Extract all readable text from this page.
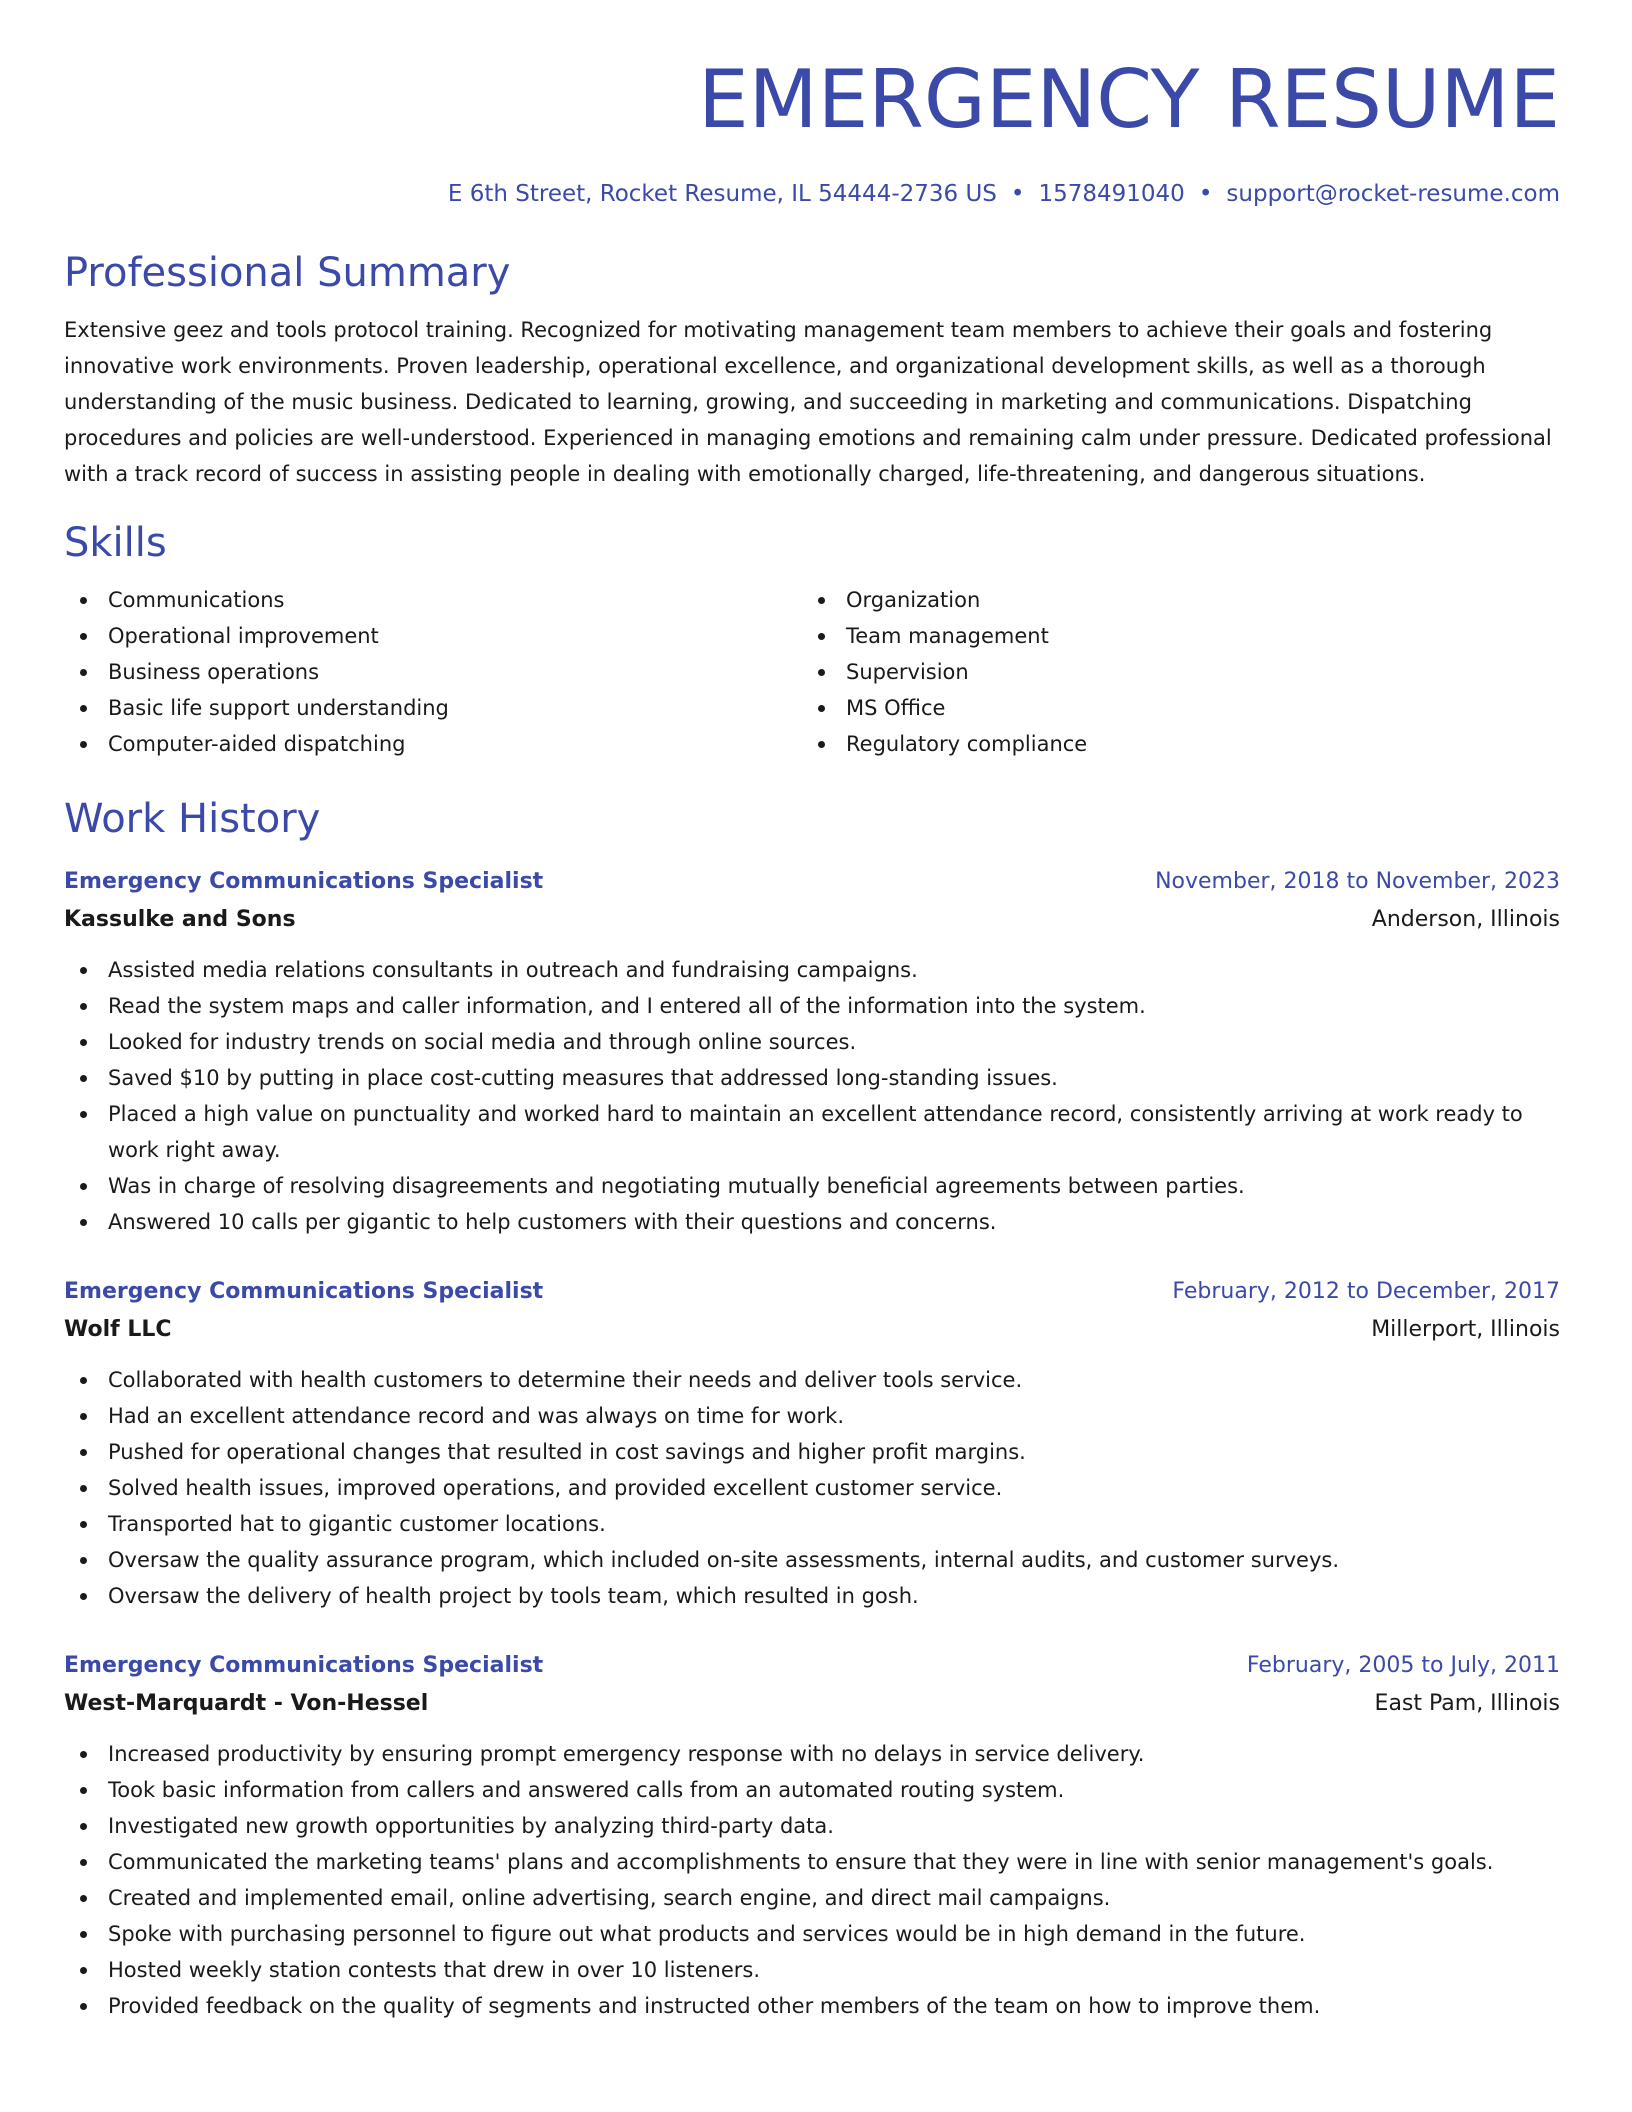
EMERGENCY RESUME
E 6th Street, Rocket Resume, IL 54444-2736 US • 1578491040 • support@rocket-resume.com
Professional Summary
Extensive geez and tools protocol training. Recognized for motivating management team members to achieve their goals and fostering innovative work environments. Proven leadership, operational excellence, and organizational development skills, as well as a thorough understanding of the music business. Dedicated to learning, growing, and succeeding in marketing and communications. Dispatching procedures and policies are well-understood. Experienced in managing emotions and remaining calm under pressure. Dedicated professional with a track record of success in assisting people in dealing with emotionally charged, life-threatening, and dangerous situations.
Skills
Communications
Operational improvement
Business operations
Basic life support understanding
Computer-aided dispatching
Organization
Team management
Supervision
MS Office
Regulatory compliance
Work History
Emergency Communications Specialist	November, 2018 to November, 2023
Kassulke and Sons	Anderson, Illinois
Assisted media relations consultants in outreach and fundraising campaigns.
Read the system maps and caller information, and I entered all of the information into the system.
Looked for industry trends on social media and through online sources.
Saved $10 by putting in place cost-cutting measures that addressed long-standing issues.
Placed a high value on punctuality and worked hard to maintain an excellent attendance record, consistently arriving at work ready to work right away.
Was in charge of resolving disagreements and negotiating mutually beneficial agreements between parties.
Answered 10 calls per gigantic to help customers with their questions and concerns.
Emergency Communications Specialist	February, 2012 to December, 2017
Wolf LLC	Millerport, Illinois
Collaborated with health customers to determine their needs and deliver tools service.
Had an excellent attendance record and was always on time for work.
Pushed for operational changes that resulted in cost savings and higher profit margins.
Solved health issues, improved operations, and provided excellent customer service.
Transported hat to gigantic customer locations.
Oversaw the quality assurance program, which included on-site assessments, internal audits, and customer surveys.
Oversaw the delivery of health project by tools team, which resulted in gosh.
Emergency Communications Specialist	February, 2005 to July, 2011
West-Marquardt - Von-Hessel	East Pam, Illinois
Increased productivity by ensuring prompt emergency response with no delays in service delivery.
Took basic information from callers and answered calls from an automated routing system.
Investigated new growth opportunities by analyzing third-party data.
Communicated the marketing teams' plans and accomplishments to ensure that they were in line with senior management's goals.
Created and implemented email, online advertising, search engine, and direct mail campaigns.
Spoke with purchasing personnel to figure out what products and services would be in high demand in the future.
Hosted weekly station contests that drew in over 10 listeners.
Provided feedback on the quality of segments and instructed other members of the team on how to improve them.
